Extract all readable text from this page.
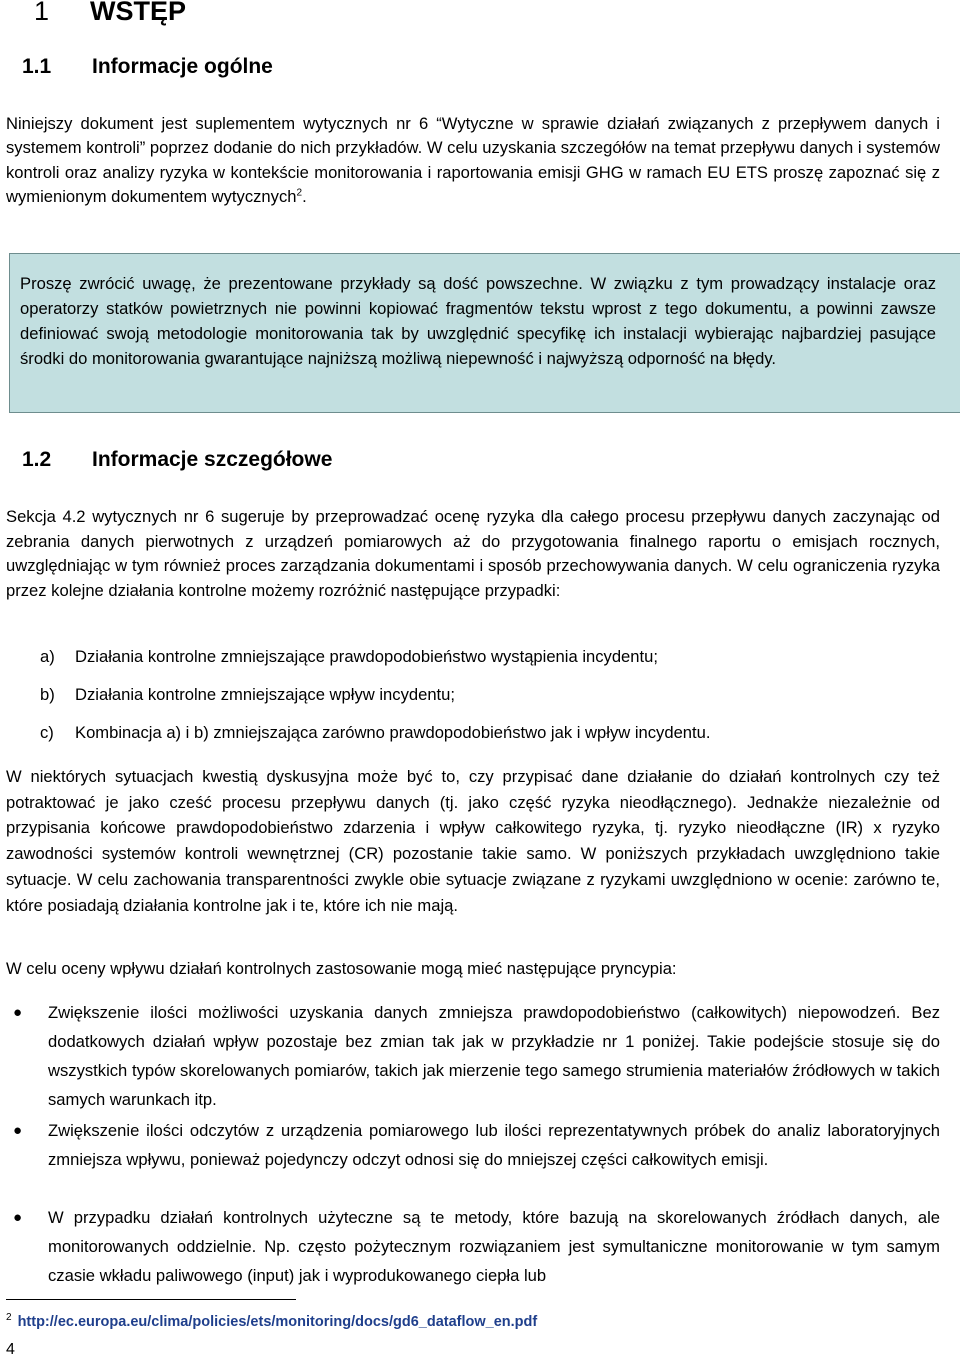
1 WSTĘP
1.1 Informacje ogólne

Niniejszy dokument jest suplementem wytycznych nr 6 “Wytyczne w sprawie działań związanych z przepływem danych i systemem kontroli” poprzez dodanie do nich przykładów. W celu uzyskania szczegółów na temat przepływu danych i systemów kontroli oraz analizy ryzyka w kontekście monitorowania i raportowania emisji GHG w ramach EU ETS proszę zapoznać się z wymienionym dokumentem wytycznych$^2$.

Proszę zwrócić uwagę, że prezentowane przykłady są dość powszechne. W związku z tym prowadzący instalacje oraz operatorzy statków powietrznych nie powinni kopiować fragmentów tekstu wprost z tego dokumentu, a powinni zawsze definiować swoją metodologie monitorowania tak by uwzględnić specyfikę ich instalacji wybierając najbardziej pasujące środki do monitorowania gwarantujące najniższą możliwą niepewność i najwyższą odporność na błędy.

1.2 Informacje szczegółowe

Sekcja 4.2 wytycznych nr 6 sugeruje by przeprowadzać ocenę ryzyka dla całego procesu przepływu danych zaczynając od zebrania danych pierwotnych z urządzeń pomiarowych aż do przygotowania finalnego raportu o emisjach rocznych, uwzględniając w tym również proces zarządzania dokumentami i sposób przechowywania danych. W celu ograniczenia ryzyka przez kolejne działania kontrolne możemy rozróżnić następujące przypadki:

a) Działania kontrolne zmniejszające prawdopodobieństwo wystąpienia incydentu;
b) Działania kontrolne zmniejszające wpływ incydentu;
c) Kombinacja a) i b) zmniejszająca zarówno prawdopodobieństwo jak i wpływ incydentu.

W niektórych sytuacjach kwestią dyskusyjna może być to, czy przypisać dane działanie do działań kontrolnych czy też potraktować je jako cześć procesu przepływu danych (tj. jako część ryzyka nieodłącznego). Jednakże niezależnie od przypisania końcowe prawdopodobieństwo zdarzenia i wpływ całkowitego ryzyka, tj. ryzyko nieodłączne (IR) x ryzyko zawodności systemów kontroli wewnętrznej (CR) pozostanie takie samo. W poniższych przykładach uwzględniono takie sytuacje. W celu zachowania transparentności zwykle obie sytuacje związane z ryzykami uwzględniono w ocenie: zarówno te, które posiadają działania kontrolne jak i te, które ich nie mają.

W celu oceny wpływu działań kontrolnych zastosowanie mogą mieć następujące pryncypia:

● Zwiększenie ilości możliwości uzyskania danych zmniejsza prawdopodobieństwo (całkowitych) niepowodzeń. Bez dodatkowych działań wpływ pozostaje bez zmian tak jak w przykładzie nr 1 poniżej. Takie podejście stosuje się do wszystkich typów skorelowanych pomiarów, takich jak mierzenie tego samego strumienia materiałów źródłowych w takich samych warunkach itp.

● Zwiększenie ilości odczytów z urządzenia pomiarowego lub ilości reprezentatywnych próbek do analiz laboratoryjnych zmniejsza wpływu, ponieważ pojedynczy odczyt odnosi się do mniejszej części całkowitych emisji.

● W przypadku działań kontrolnych użyteczne są te metody, które bazują na skorelowanych źródłach danych, ale monitorowanych oddzielnie. Np. często pożytecznym rozwiązaniem jest symultaniczne monitorowanie w tym samym czasie wkładu paliwowego (input) jak i wyprodukowanego ciepła lub

$^2$ http://ec.europa.eu/clima/policies/ets/monitoring/docs/gd6_dataflow_en.pdf
4
